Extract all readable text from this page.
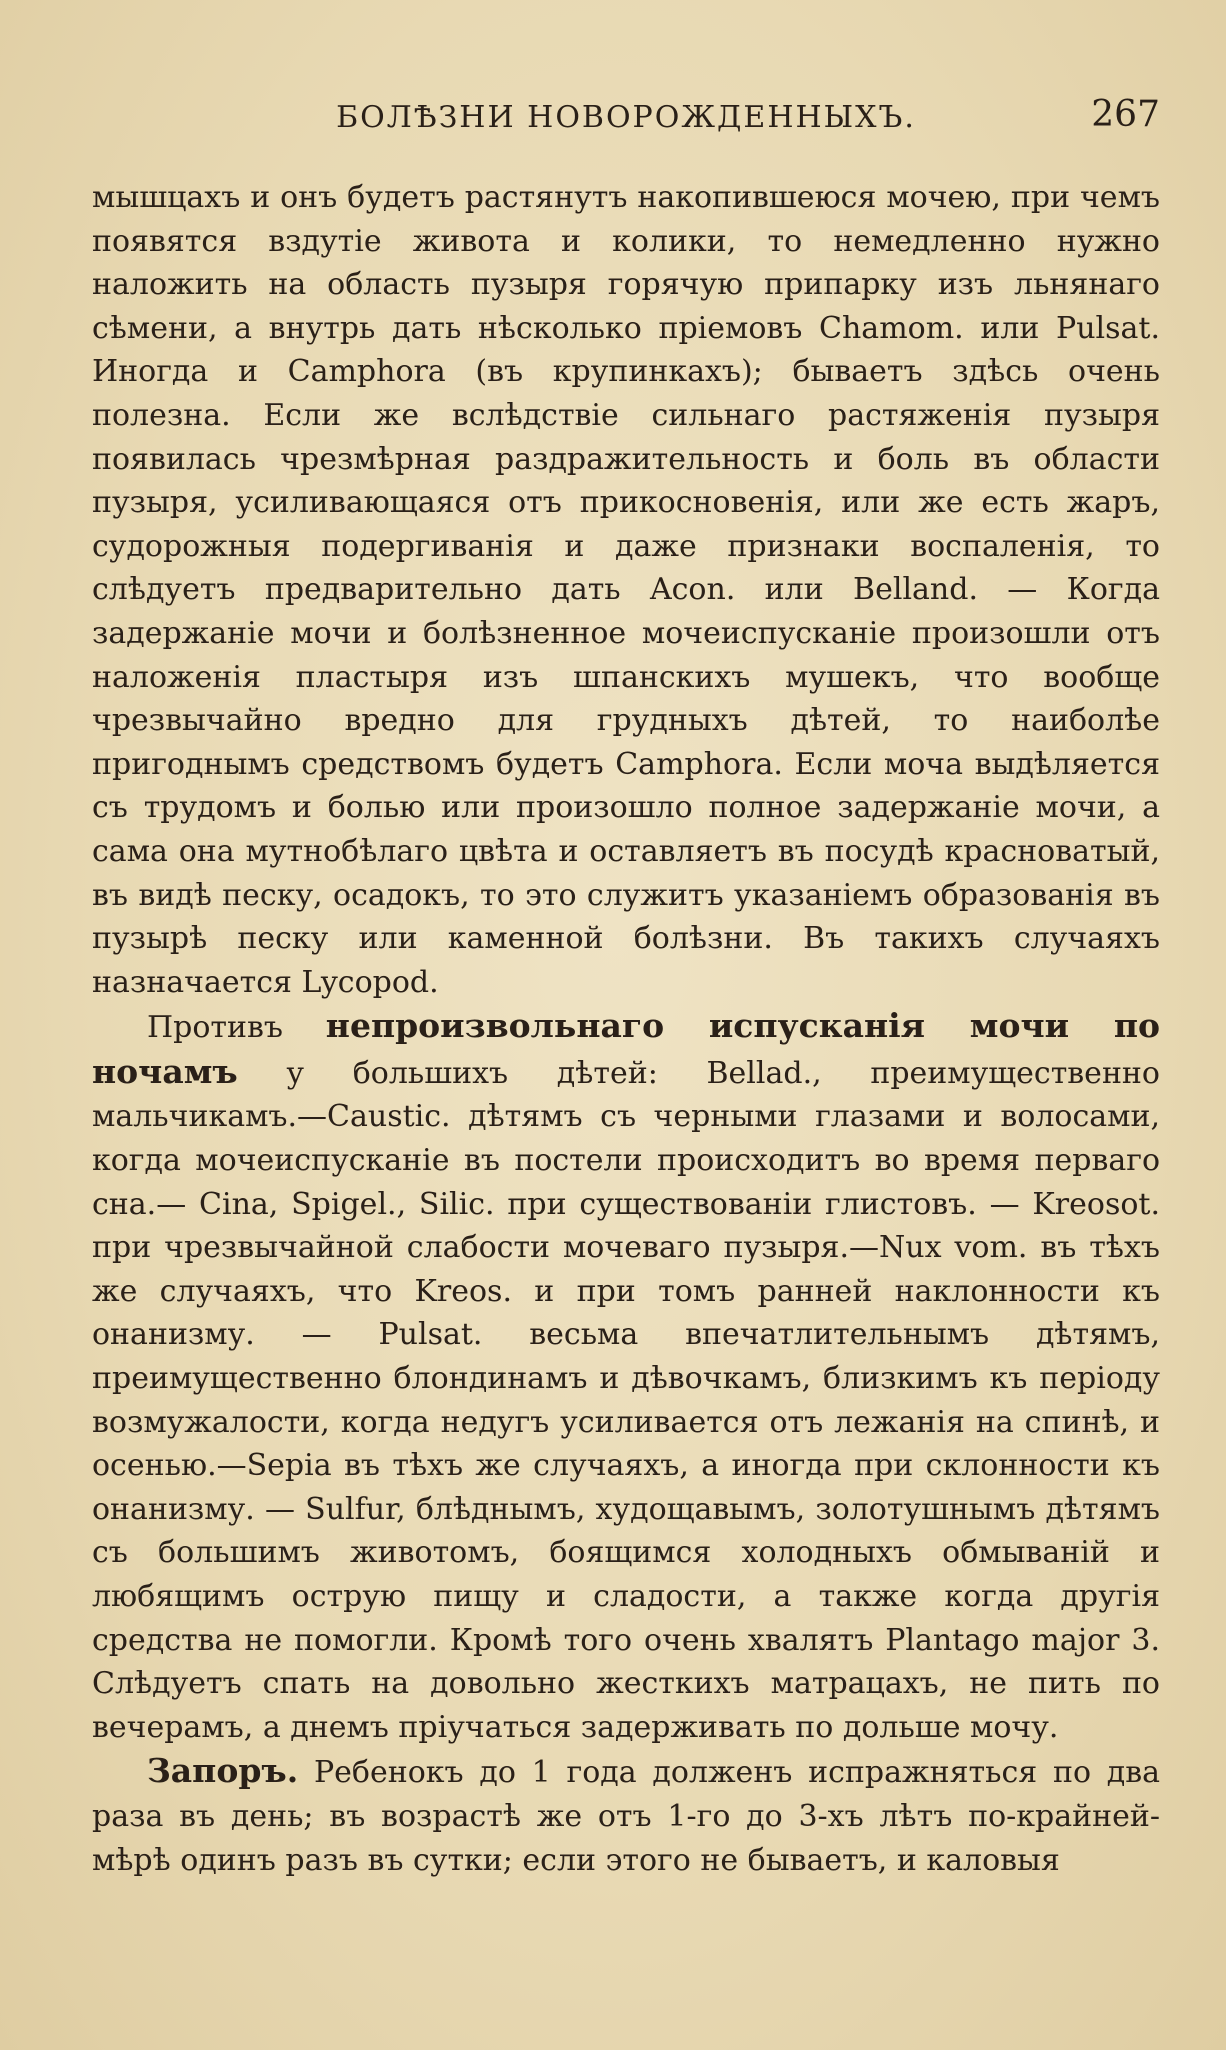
БОЛѢЗНИ НОВОРОЖДЕННЫХЪ.	267

мышцахъ и онъ будетъ растянутъ накопившеюся мочею, при чемъ появятся вздутіе живота и колики, то немедленно нужно наложить на область пузыря горячую припарку изъ льнянаго сѣмени, а внутрь дать нѣсколько пріемовъ Chamom. или Pulsat. Иногда и Camphora (въ крупинкахъ); бываетъ здѣсь очень полезна. Если же вслѣдствіе сильнаго растяженія пузыря появилась чрезмѣрная раздражительность и боль въ области пузыря, усиливающаяся отъ прикосновенія, или же есть жаръ, судорожныя подергиванія и даже признаки воспаленія, то слѣдуетъ предварительно дать Acon. или Belland. — Когда задержаніе мочи и болѣзненное мочеиспусканіе произошли отъ наложенія пластыря изъ шпанскихъ мушекъ, что вообще чрезвычайно вредно для грудныхъ дѣтей, то наиболѣе пригоднымъ средствомъ будетъ Camphora. Если моча выдѣляется съ трудомъ и болью или произошло полное задержаніе мочи, а сама она мутнобѣлаго цвѣта и оставляетъ въ посудѣ красноватый, въ видѣ песку, осадокъ, то это служитъ указаніемъ образованія въ пузырѣ песку или каменной болѣзни. Въ такихъ случаяхъ назначается Lycopod.

Противъ непроизвольнаго испусканія мочи по ночамъ у большихъ дѣтей: Bellad., преимущественно мальчикамъ.—Caustic. дѣтямъ съ черными глазами и волосами, когда мочеиспусканіе въ постели происходитъ во время перваго сна.— Cina, Spigel., Silic. при существованіи глистовъ. — Kreosot. при чрезвычайной слабости мочеваго пузыря.—Nux vom. въ тѣхъ же случаяхъ, что Kreos. и при томъ ранней наклонности къ онанизму. — Pulsat. весьма впечатлительнымъ дѣтямъ, преимущественно блондинамъ и дѣвочкамъ, близкимъ къ періоду возмужалости, когда недугъ усиливается отъ лежанія на спинѣ, и осенью.—Sepia въ тѣхъ же случаяхъ, а иногда при склонности къ онанизму. — Sulfur, блѣднымъ, худощавымъ, золотушнымъ дѣтямъ съ большимъ животомъ, боящимся холодныхъ обмываній и любящимъ острую пищу и сладости, а также когда другія средства не помогли. Кромѣ того очень хвалятъ Plantago major 3. Слѣдуетъ спать на довольно жесткихъ матрацахъ, не пить по вечерамъ, а днемъ пріучаться задерживать по дольше мочу.

Запоръ. Ребенокъ до 1 года долженъ испражняться по два раза въ день; въ возрастѣ же отъ 1-го до 3-хъ лѣтъ по-крайней-мѣрѣ одинъ разъ въ сутки; если этого не бываетъ, и каловыя
